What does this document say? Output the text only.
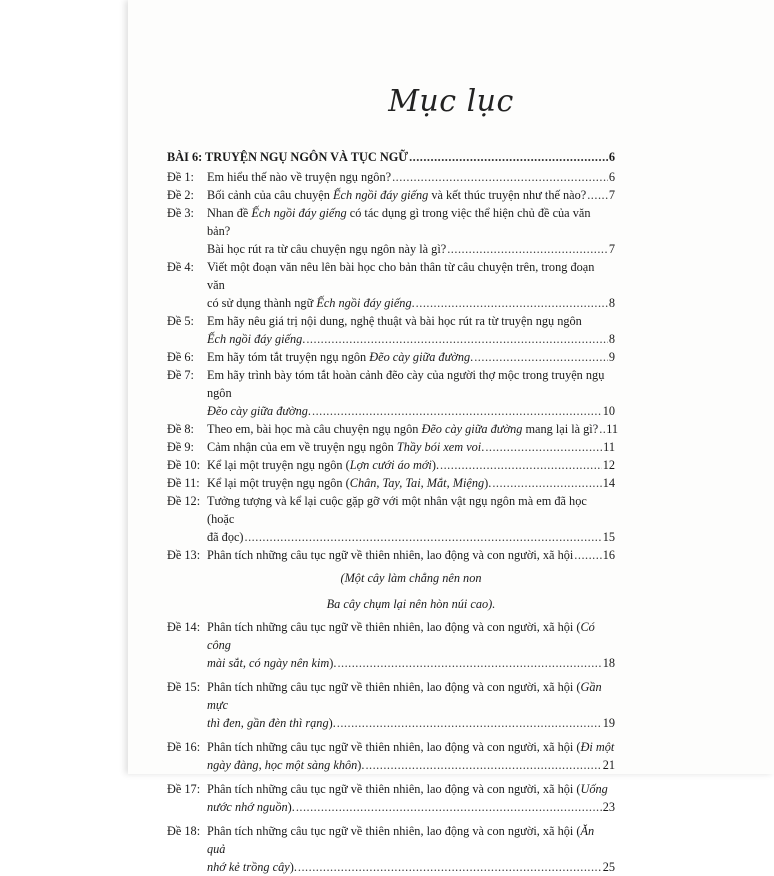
Mục lục
BÀI 6: TRUYỆN NGỤ NGÔN VÀ TỤC NGỮ .....	6
Đề 1:	Em hiểu thế nào về truyện ngụ ngôn? .....	6
Đề 2:	Bối cảnh của câu chuyện Ếch ngồi đáy giếng và kết thúc truyện như thế nào? ..... 7
Đề 3:	Nhan đề Ếch ngồi đáy giếng có tác dụng gì trong việc thể hiện chủ đề của văn bản?
Bài học rút ra từ câu chuyện ngụ ngôn này là gì? .....	7
Đề 4:	Viết một đoạn văn nêu lên bài học cho bản thân từ câu chuyện trên, trong đoạn văn
có sử dụng thành ngữ Ếch ngồi đáy giếng. .....	8
Đề 5:	Em hãy nêu giá trị nội dung, nghệ thuật và bài học rút ra từ truyện ngụ ngôn
Ếch ngồi đáy giếng. .....	8
Đề 6:	Em hãy tóm tắt truyện ngụ ngôn Đẽo cày giữa đường. .....	9
Đề 7:	Em hãy trình bày tóm tắt hoàn cảnh đẽo cày của người thợ mộc trong truyện ngụ ngôn
Đẽo cày giữa đường. .....	10
Đề 8:	Theo em, bài học mà câu chuyện ngụ ngôn Đẽo cày giữa đường mang lại là gì? ..... 11
Đề 9:	Cảm nhận của em về truyện ngụ ngôn Thầy bói xem voi. .....	11
Đề 10: Kể lại một truyện ngụ ngôn (Lợn cưới áo mới). .....	12
Đề 11: Kể lại một truyện ngụ ngôn (Chân, Tay, Tai, Mắt, Miệng). .....	14
Đề 12: Tưởng tượng và kể lại cuộc gặp gỡ với một nhân vật ngụ ngôn mà em đã học (hoặc
đã đọc) .....	15
Đề 13: Phân tích những câu tục ngữ về thiên nhiên, lao động và con người, xã hội ..... 16
(Một cây làm chẳng nên non
Ba cây chụm lại nên hòn núi cao).
Đề 14: Phân tích những câu tục ngữ về thiên nhiên, lao động và con người, xã hội (Có công
mài sắt, có ngày nên kim). .....	18
Đề 15: Phân tích những câu tục ngữ về thiên nhiên, lao động và con người, xã hội (Gần mực
thì đen, gần đèn thì rạng). .....	19
Đề 16: Phân tích những câu tục ngữ về thiên nhiên, lao động và con người, xã hội (Đi một
ngày đàng, học một sàng khôn). .....	21
Đề 17: Phân tích những câu tục ngữ về thiên nhiên, lao động và con người, xã hội (Uống
nước nhớ nguồn). .....	23
Đề 18: Phân tích những câu tục ngữ về thiên nhiên, lao động và con người, xã hội (Ăn quả
nhớ kẻ trồng cây). .....	25
